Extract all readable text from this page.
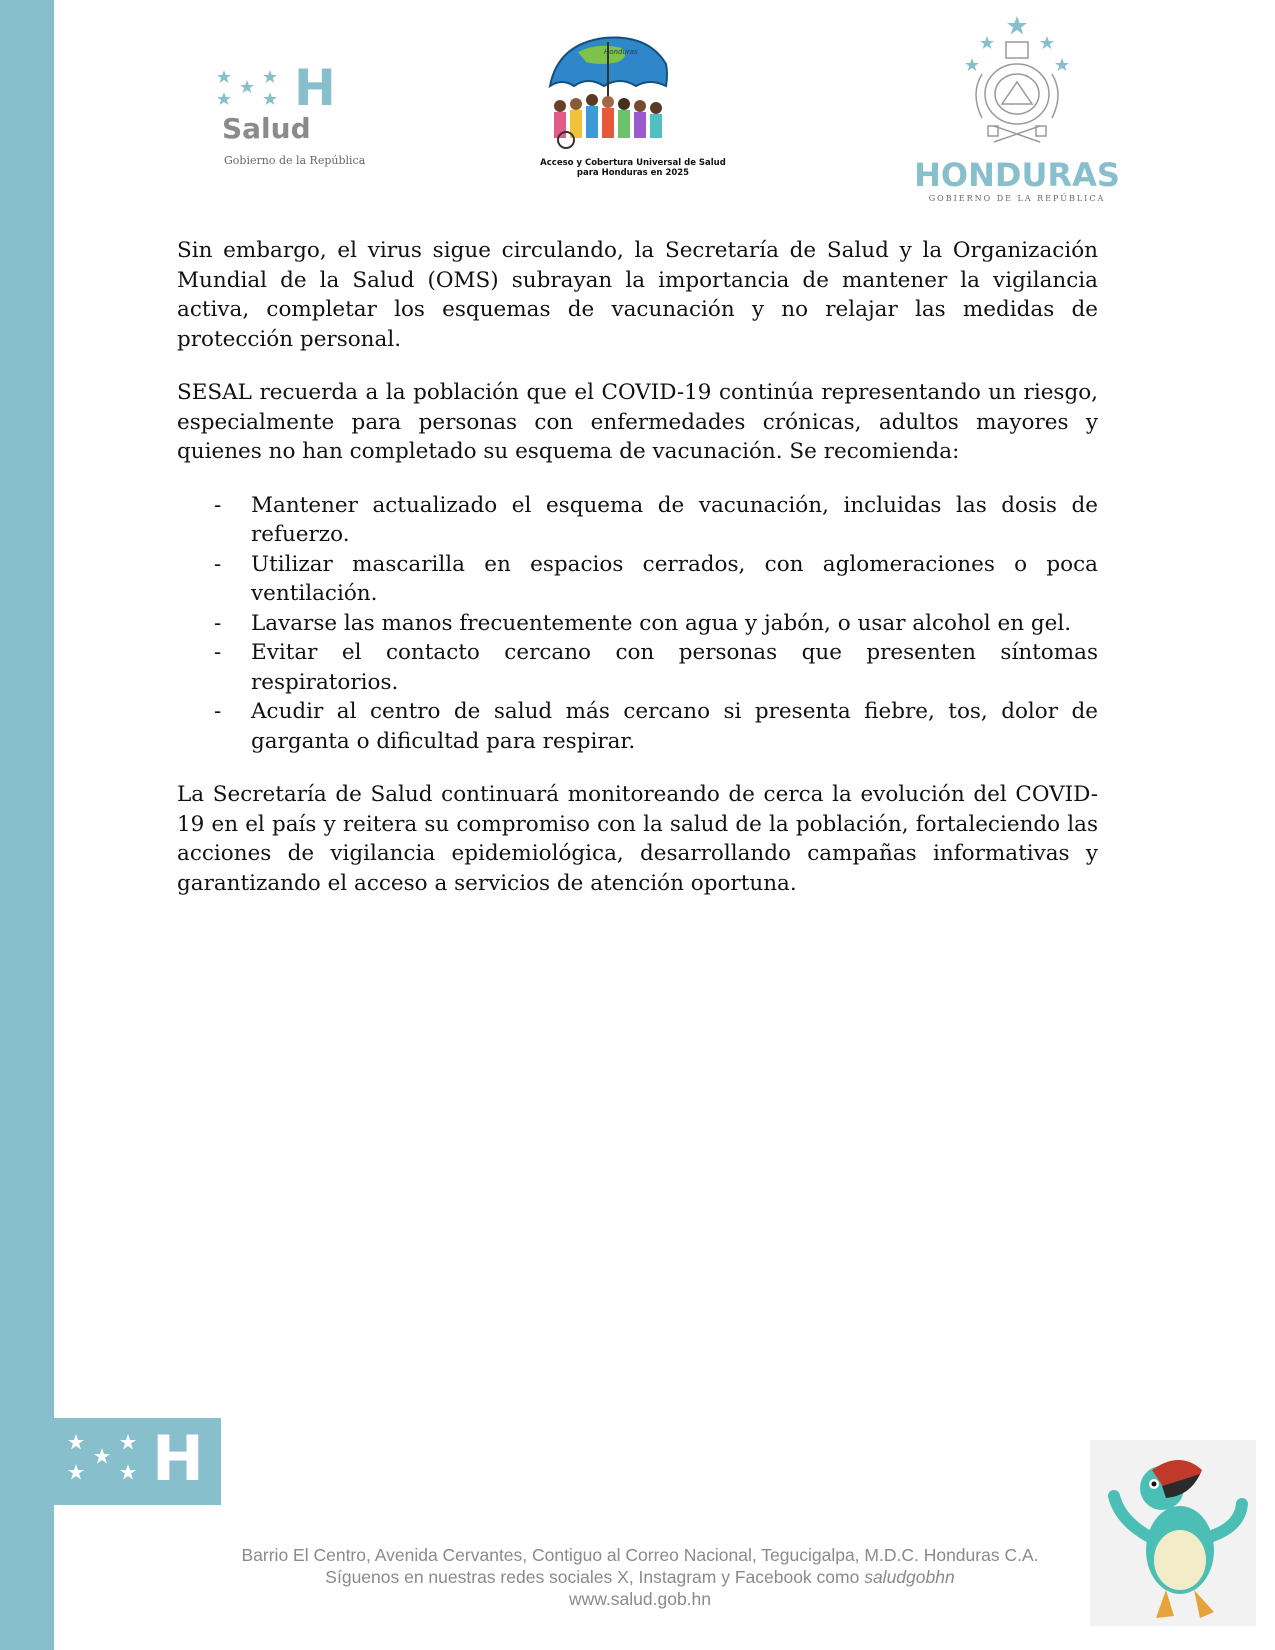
H
Salud
Gobierno de la República
Honduras
Acceso y Cobertura Universal de Salud
para Honduras en 2025	HONDURAS
GOBIERNO DE LA REPÚBLICA

Sin embargo, el virus sigue circulando, la Secretaría de Salud y la Organización Mundial de la Salud (OMS) subrayan la importancia de mantener la vigilancia activa, completar los esquemas de vacunación y no relajar las medidas de protección personal.

SESAL recuerda a la población que el COVID-19 continúa representando un riesgo, especialmente para personas con enfermedades crónicas, adultos mayores y quienes no han completado su esquema de vacunación. Se recomienda:

- Mantener actualizado el esquema de vacunación, incluidas las dosis de refuerzo.
- Utilizar mascarilla en espacios cerrados, con aglomeraciones o poca ventilación.
- Lavarse las manos frecuentemente con agua y jabón, o usar alcohol en gel.
- Evitar el contacto cercano con personas que presenten síntomas respiratorios.
- Acudir al centro de salud más cercano si presenta fiebre, tos, dolor de garganta o dificultad para respirar.

La Secretaría de Salud continuará monitoreando de cerca la evolución del COVID-19 en el país y reitera su compromiso con la salud de la población, fortaleciendo las acciones de vigilancia epidemiológica, desarrollando campañas informativas y garantizando el acceso a servicios de atención oportuna.

H
Barrio El Centro, Avenida Cervantes, Contiguo al Correo Nacional, Tegucigalpa, M.D.C. Honduras C.A.
Síguenos en nuestras redes sociales X, Instagram y Facebook como saludgobhn
www.salud.gob.hn
